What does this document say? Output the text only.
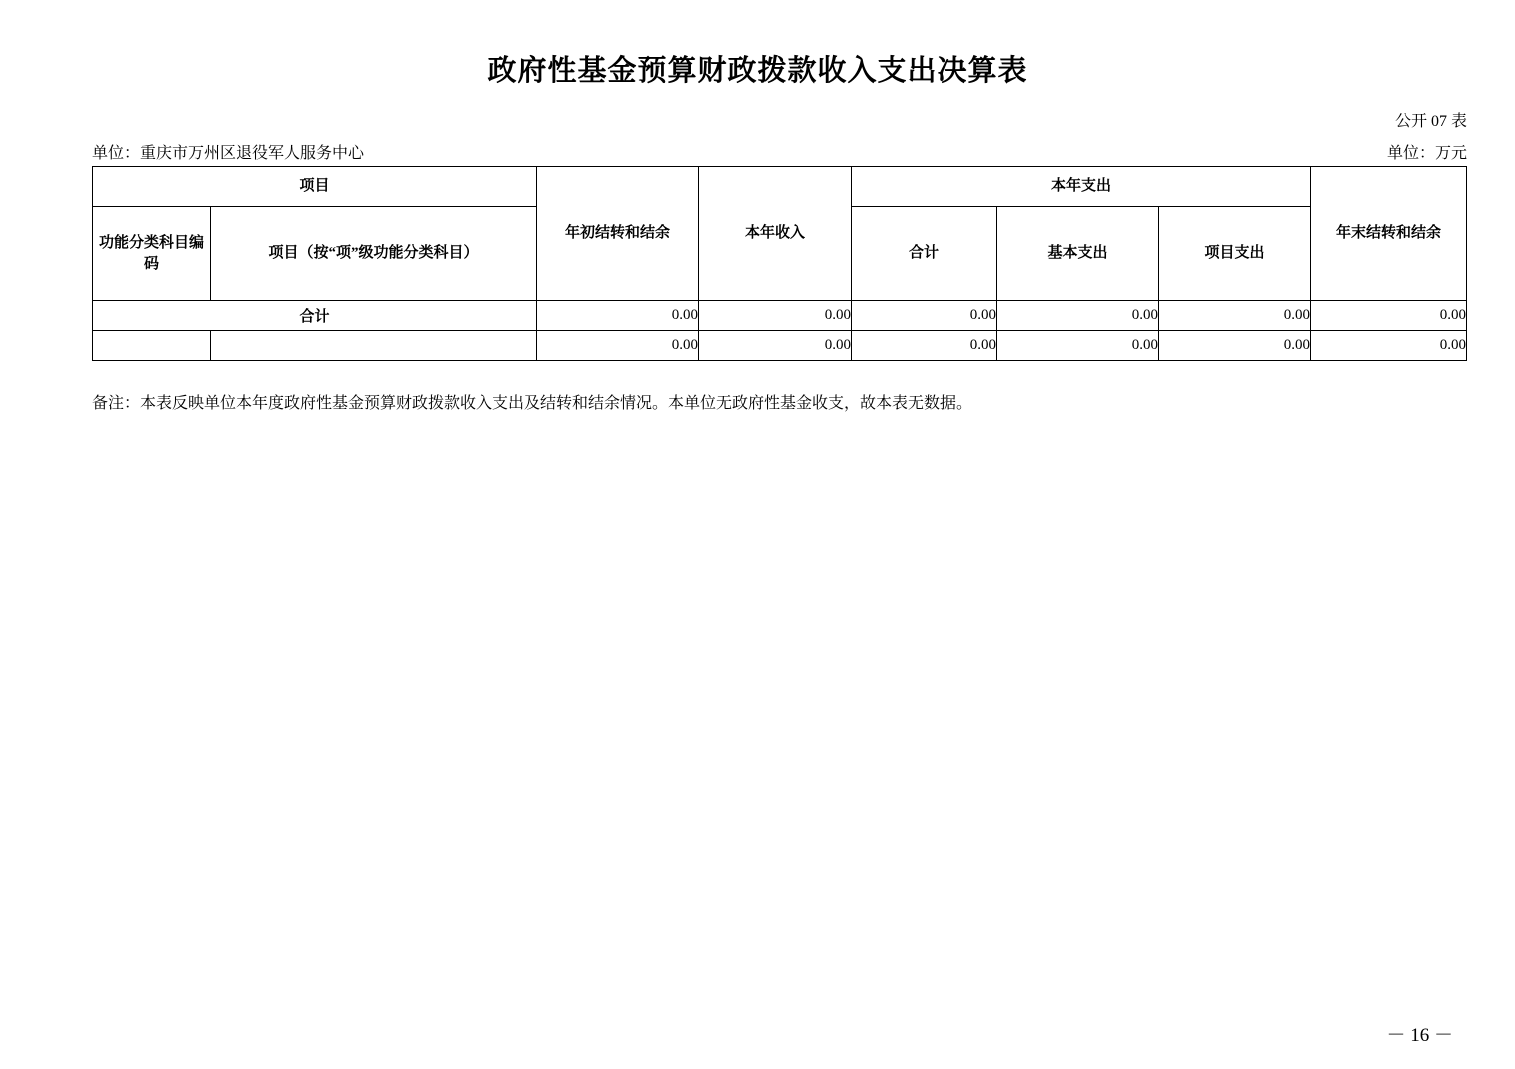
政府性基金预算财政拨款收入支出决算表
公开 07 表
单位：重庆市万州区退役军人服务中心	单位：万元
项目		年初结转和结余	本年收入	本年支出			年末结转和结余
功能分类科目编码	项目（按“项”级功能分类科目）			合计	基本支出	项目支出	
合计		0.00	0.00	0.00	0.00	0.00	0.00
		0.00	0.00	0.00	0.00	0.00	0.00
备注：本表反映单位本年度政府性基金预算财政拨款收入支出及结转和结余情况。本单位无政府性基金收支，故本表无数据。
－ 16 －
